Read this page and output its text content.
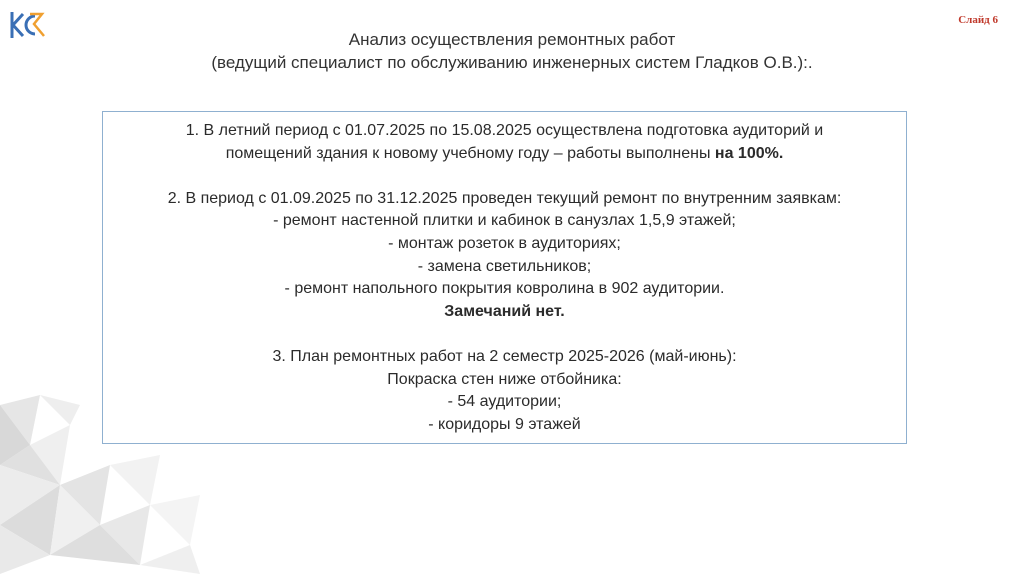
Слайд 6
Анализ осуществления ремонтных работ
(ведущий специалист по обслуживанию инженерных систем Гладков О.В.):.
1. В летний период с 01.07.2025 по 15.08.2025 осуществлена подготовка аудиторий и
помещений здания к новому учебному году – работы выполнены на 100%.
2. В период с 01.09.2025 по 31.12.2025 проведен текущий ремонт по внутренним заявкам:
- ремонт настенной плитки и кабинок в санузлах 1,5,9 этажей;
- монтаж розеток в аудиториях;
- замена светильников;
- ремонт напольного покрытия ковролина в 902 аудитории.
Замечаний нет.
3. План ремонтных работ на 2 семестр 2025-2026 (май-июнь):
Покраска стен ниже отбойника:
- 54 аудитории;
- коридоры 9 этажей
